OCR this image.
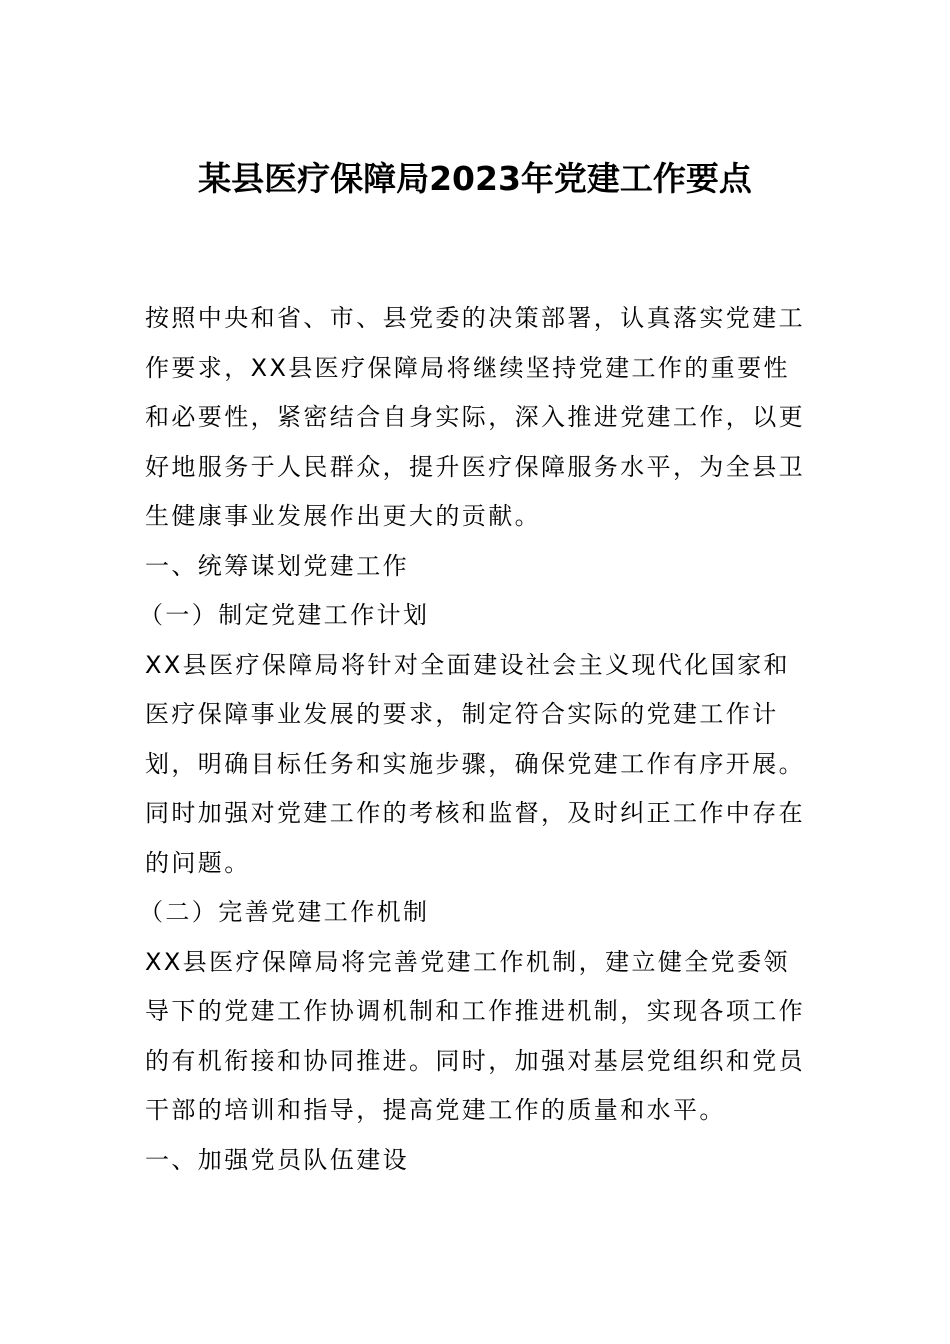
某县医疗保障局2023年党建工作要点

按照中央和省、市、县党委的决策部署，认真落实党建工作要求，XX县医疗保障局将继续坚持党建工作的重要性和必要性，紧密结合自身实际，深入推进党建工作，以更好地服务于人民群众，提升医疗保障服务水平，为全县卫生健康事业发展作出更大的贡献。

一、统筹谋划党建工作

（一）制定党建工作计划

XX县医疗保障局将针对全面建设社会主义现代化国家和医疗保障事业发展的要求，制定符合实际的党建工作计划，明确目标任务和实施步骤，确保党建工作有序开展。同时加强对党建工作的考核和监督，及时纠正工作中存在的问题。

（二）完善党建工作机制

XX县医疗保障局将完善党建工作机制，建立健全党委领导下的党建工作协调机制和工作推进机制，实现各项工作的有机衔接和协同推进。同时，加强对基层党组织和党员干部的培训和指导，提高党建工作的质量和水平。

一、加强党员队伍建设
